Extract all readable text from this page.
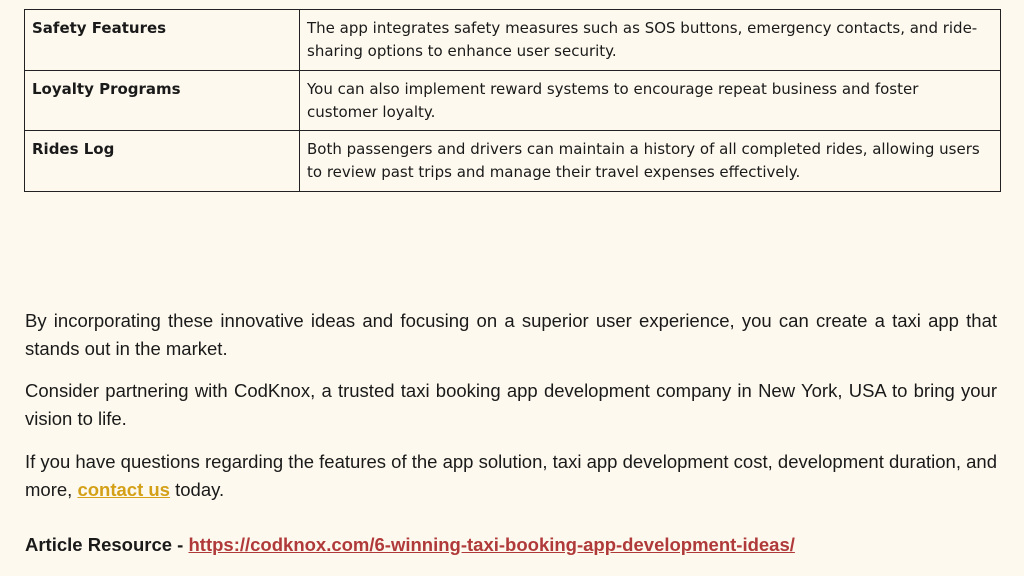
Safety Features	The app integrates safety measures such as SOS buttons, emergency contacts, and ride-sharing options to enhance user security.
Loyalty Programs	You can also implement reward systems to encourage repeat business and foster customer loyalty.
Rides Log	Both passengers and drivers can maintain a history of all completed rides, allowing users to review past trips and manage their travel expenses effectively.

By incorporating these innovative ideas and focusing on a superior user experience, you can create a taxi app that stands out in the market.

Consider partnering with CodKnox, a trusted taxi booking app development company in New York, USA to bring your vision to life.

If you have questions regarding the features of the app solution, taxi app development cost, development duration, and more, contact us today.

Article Resource - https://codknox.com/6-winning-taxi-booking-app-development-ideas/
